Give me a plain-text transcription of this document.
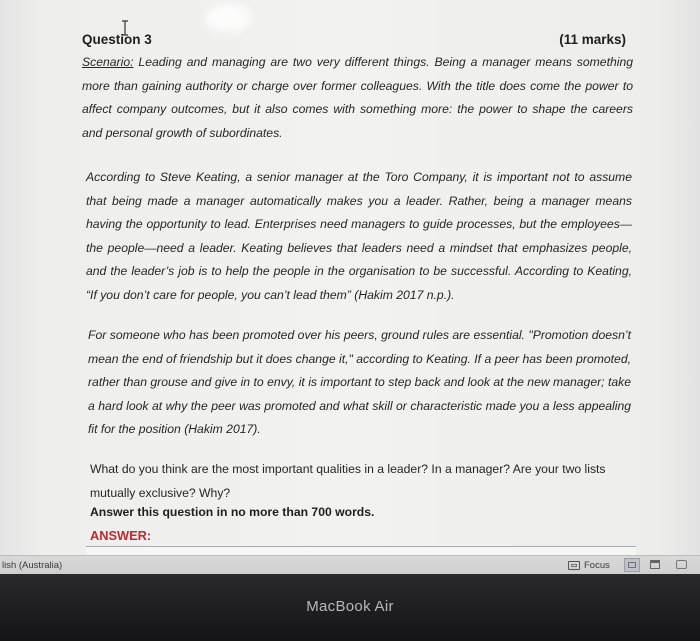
Question 3	(11 marks)

Scenario: Leading and managing are two very different things. Being a manager means something more than gaining authority or charge over former colleagues. With the title does come the power to affect company outcomes, but it also comes with something more: the power to shape the careers and personal growth of subordinates.

According to Steve Keating, a senior manager at the Toro Company, it is important not to assume that being made a manager automatically makes you a leader. Rather, being a manager means having the opportunity to lead. Enterprises need managers to guide processes, but the employees—the people—need a leader. Keating believes that leaders need a mindset that emphasizes people, and the leader’s job is to help the people in the organisation to be successful. According to Keating, “If you don’t care for people, you can’t lead them” (Hakim 2017 n.p.).

For someone who has been promoted over his peers, ground rules are essential. "Promotion doesn’t mean the end of friendship but it does change it," according to Keating. If a peer has been promoted, rather than grouse and give in to envy, it is important to step back and look at the new manager; take a hard look at why the peer was promoted and what skill or characteristic made you a less appealing fit for the position (Hakim 2017).

What do you think are the most important qualities in a leader? In a manager? Are your two lists mutually exclusive? Why?

Answer this question in no more than 700 words.
ANSWER:
lish (Australia)	Focus
MacBook Air
